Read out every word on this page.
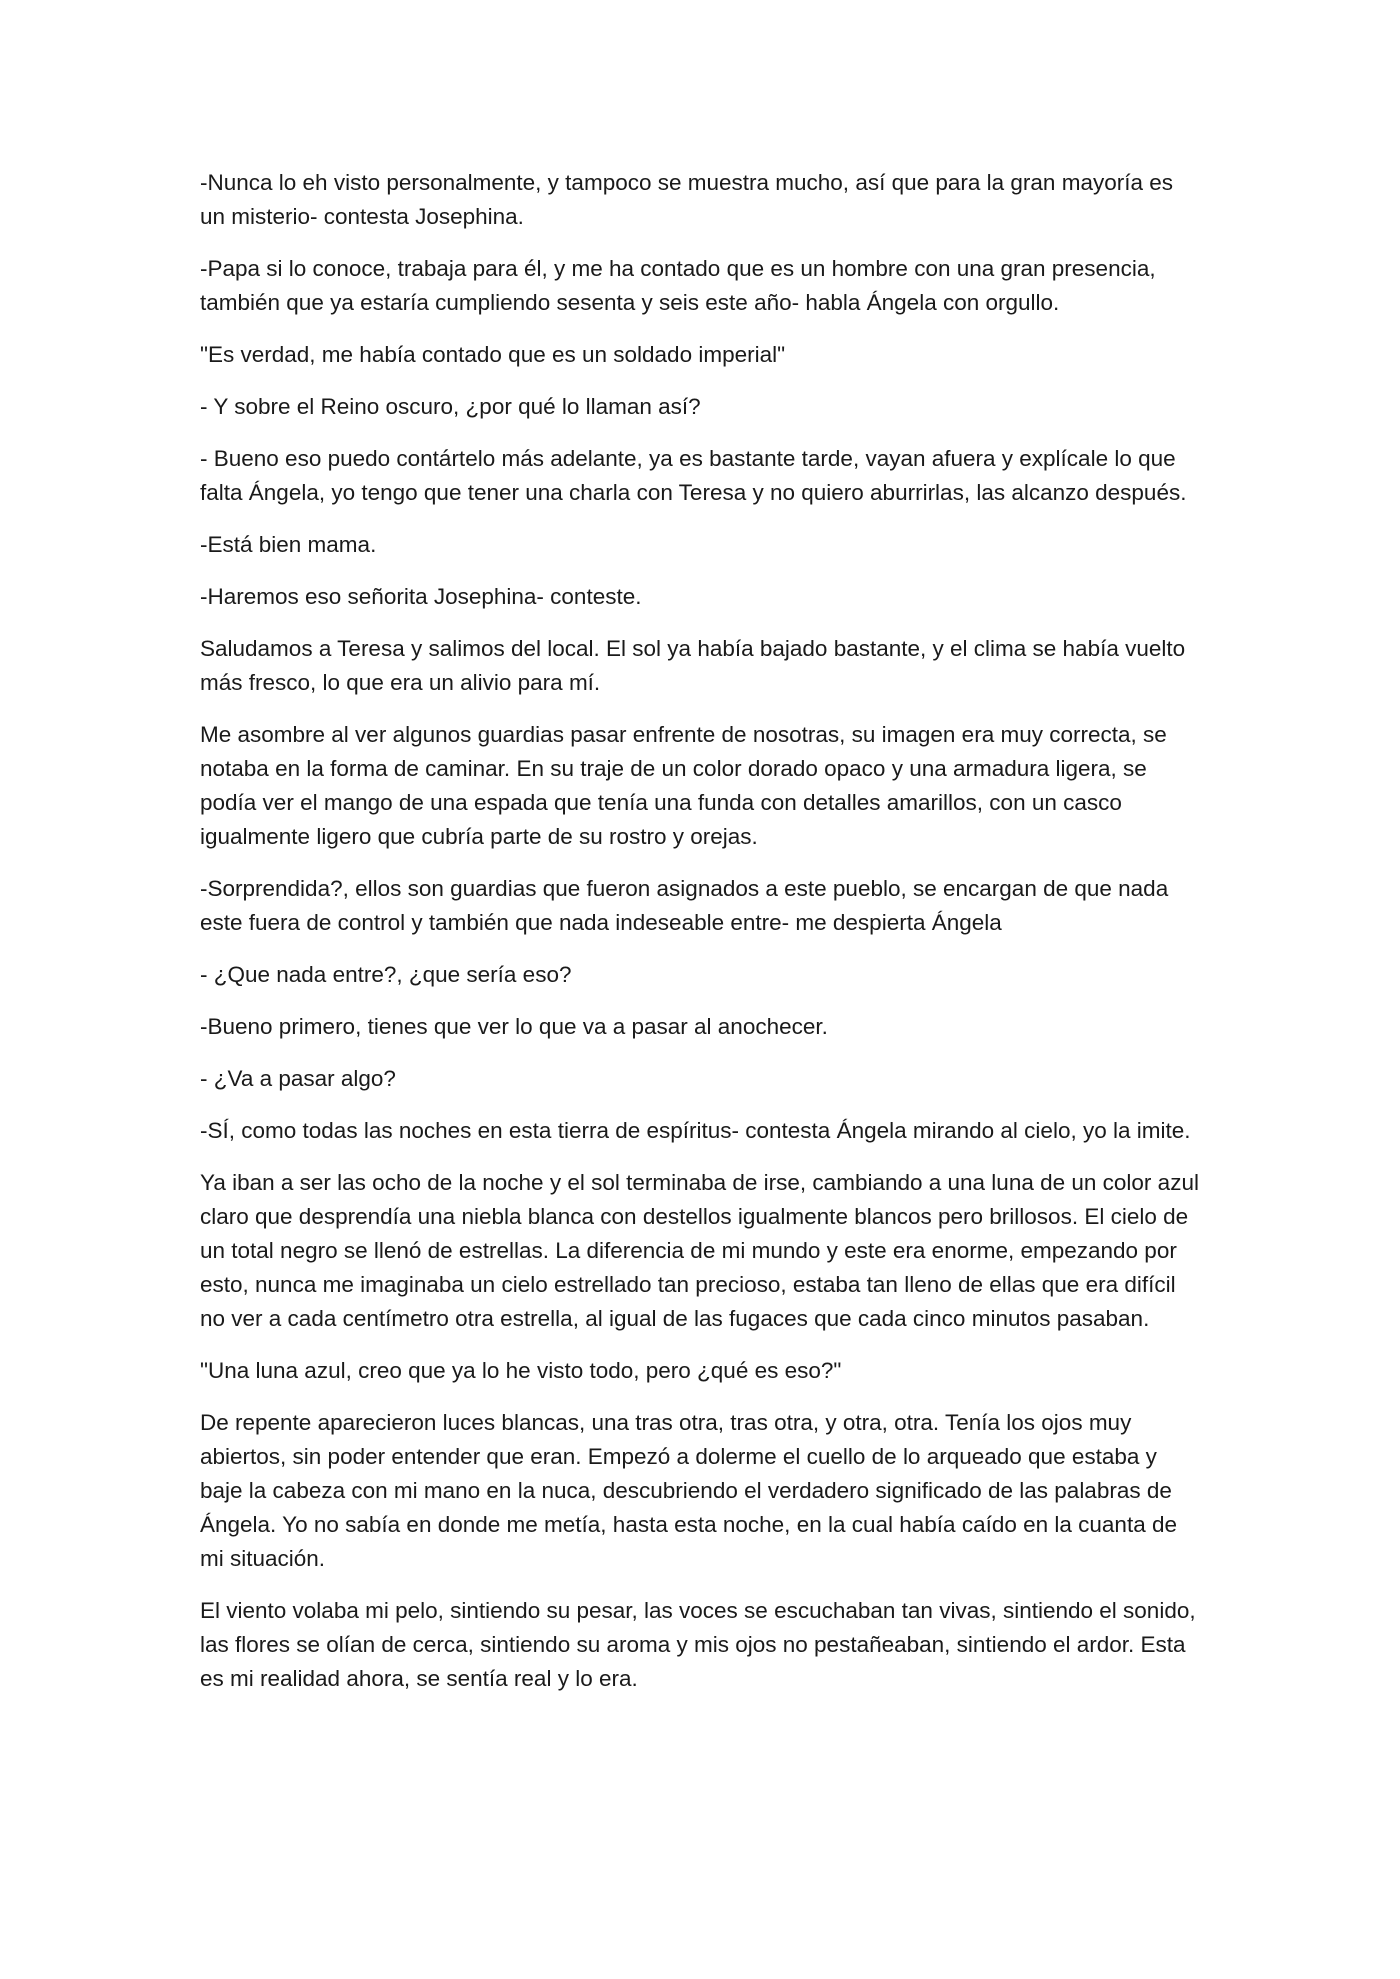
-Nunca lo eh visto personalmente, y tampoco se muestra mucho, así que para la gran mayoría es un misterio- contesta Josephina.

-Papa si lo conoce, trabaja para él, y me ha contado que es un hombre con una gran presencia, también que ya estaría cumpliendo sesenta y seis este año- habla Ángela con orgullo.

"Es verdad, me había contado que es un soldado imperial"

- Y sobre el Reino oscuro, ¿por qué lo llaman así?

- Bueno eso puedo contártelo más adelante, ya es bastante tarde, vayan afuera y explícale lo que falta Ángela, yo tengo que tener una charla con Teresa y no quiero aburrirlas, las alcanzo después.

-Está bien mama.

-Haremos eso señorita Josephina- conteste.

Saludamos a Teresa y salimos del local. El sol ya había bajado bastante, y el clima se había vuelto más fresco, lo que era un alivio para mí.

Me asombre al ver algunos guardias pasar enfrente de nosotras, su imagen era muy correcta, se notaba en la forma de caminar. En su traje de un color dorado opaco y una armadura ligera, se podía ver el mango de una espada que tenía una funda con detalles amarillos, con un casco igualmente ligero que cubría parte de su rostro y orejas.

-Sorprendida?, ellos son guardias que fueron asignados a este pueblo, se encargan de que nada este fuera de control y también que nada indeseable entre- me despierta Ángela

- ¿Que nada entre?, ¿que sería eso?

-Bueno primero, tienes que ver lo que va a pasar al anochecer.

- ¿Va a pasar algo?

-SÍ, como todas las noches en esta tierra de espíritus- contesta Ángela mirando al cielo, yo la imite.

Ya iban a ser las ocho de la noche y el sol terminaba de irse, cambiando a una luna de un color azul claro que desprendía una niebla blanca con destellos igualmente blancos pero brillosos. El cielo de un total negro se llenó de estrellas. La diferencia de mi mundo y este era enorme, empezando por esto, nunca me imaginaba un cielo estrellado tan precioso, estaba tan lleno de ellas que era difícil no ver a cada centímetro otra estrella, al igual de las fugaces que cada cinco minutos pasaban.

"Una luna azul, creo que ya lo he visto todo, pero ¿qué es eso?"

De repente aparecieron luces blancas, una tras otra, tras otra, y otra, otra. Tenía los ojos muy abiertos, sin poder entender que eran. Empezó a dolerme el cuello de lo arqueado que estaba y baje la cabeza con mi mano en la nuca, descubriendo el verdadero significado de las palabras de Ángela. Yo no sabía en donde me metía, hasta esta noche, en la cual había caído en la cuanta de mi situación.

El viento volaba mi pelo, sintiendo su pesar, las voces se escuchaban tan vivas, sintiendo el sonido, las flores se olían de cerca, sintiendo su aroma y mis ojos no pestañeaban, sintiendo el ardor. Esta es mi realidad ahora, se sentía real y lo era.
